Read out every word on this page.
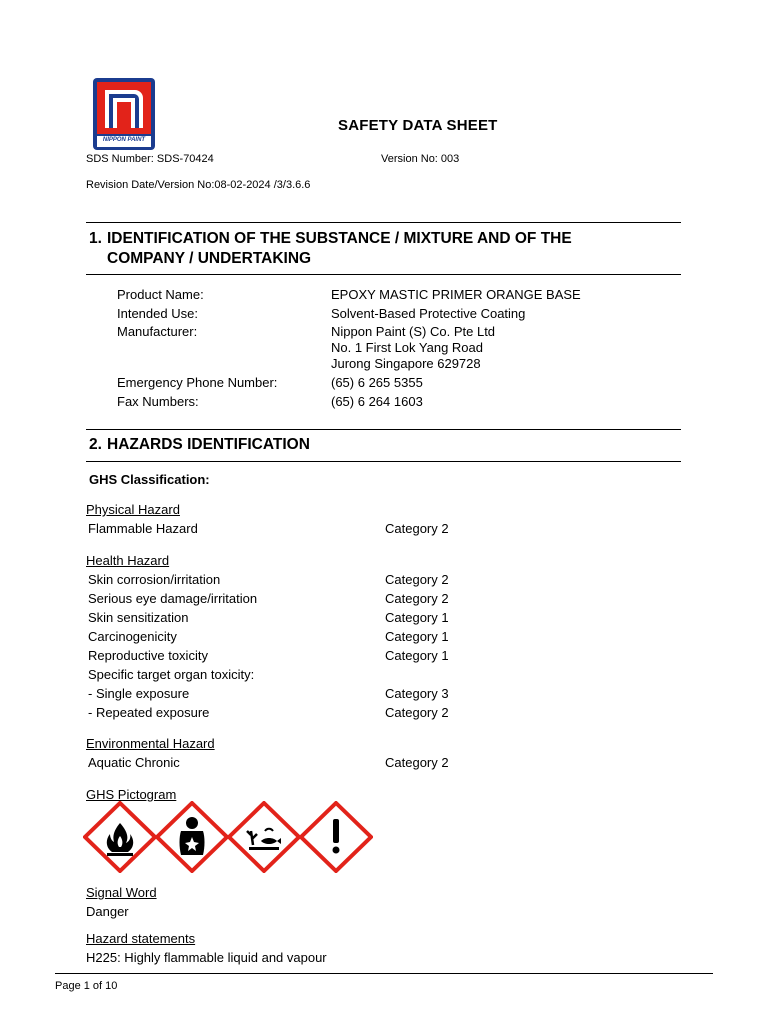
NIPPON PAINT
SAFETY DATA SHEET
SDS Number: SDS-70424	Version No: 003
Revision Date/Version No:08-02-2024 /3/3.6.6
1. IDENTIFICATION OF THE SUBSTANCE / MIXTURE AND OF THE
COMPANY / UNDERTAKING
Product Name:	EPOXY MASTIC PRIMER ORANGE BASE
Intended Use:	Solvent-Based Protective Coating
Manufacturer:	Nippon Paint (S) Co. Pte Ltd
No. 1 First Lok Yang Road
Jurong Singapore 629728
Emergency Phone Number:	(65) 6 265 5355
Fax Numbers:	(65) 6 264 1603
2. HAZARDS IDENTIFICATION
GHS Classification:
Physical Hazard
Flammable Hazard	Category 2
Health Hazard
Skin corrosion/irritation	Category 2
Serious eye damage/irritation	Category 2
Skin sensitization	Category 1
Carcinogenicity	Category 1
Reproductive toxicity	Category 1
Specific target organ toxicity:
- Single exposure	Category 3
- Repeated exposure	Category 2
Environmental Hazard
Aquatic Chronic	Category 2
GHS Pictogram
Signal Word
Danger
Hazard statements
H225: Highly flammable liquid and vapour
Page 1 of 10
